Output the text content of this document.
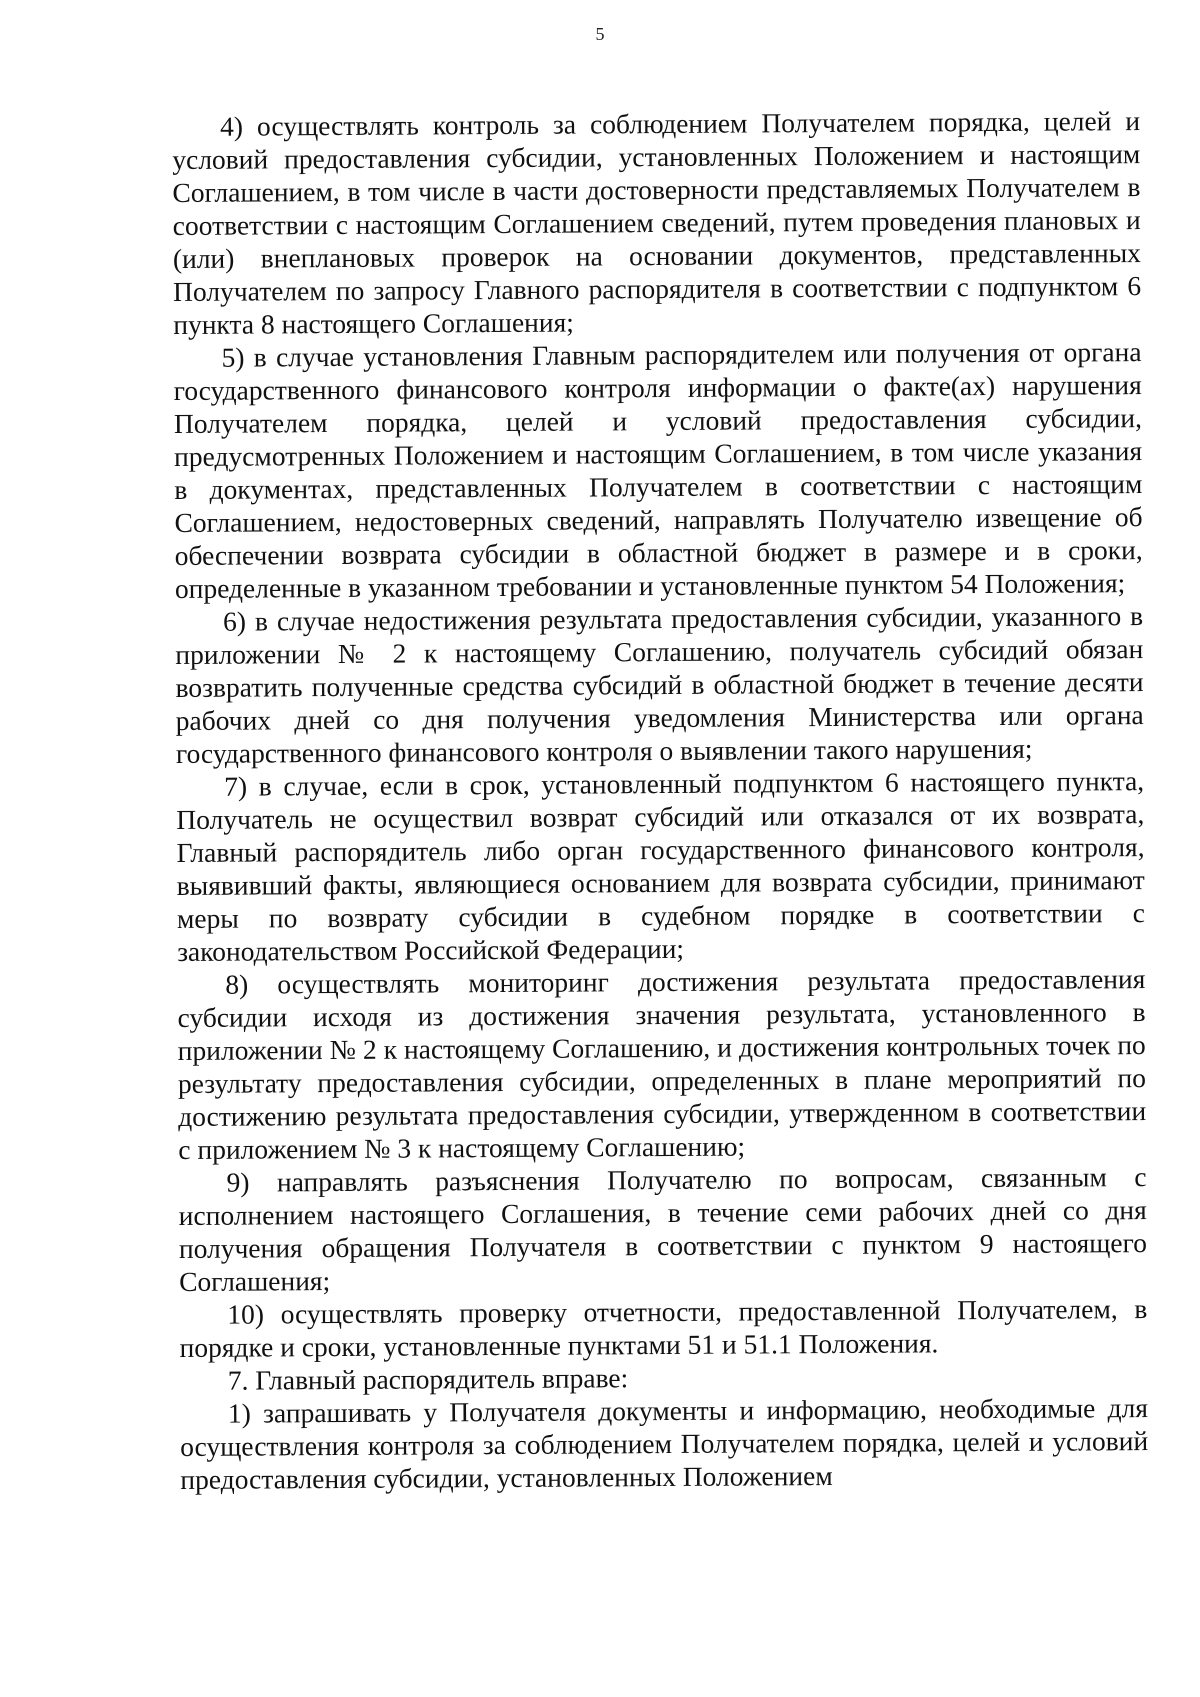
5

4) осуществлять контроль за соблюдением Получателем порядка, целей и условий предоставления субсидии, установленных Положением и настоящим Соглашением, в том числе в части достоверности представляемых Получателем в соответствии с настоящим Соглашением сведений, путем проведения плановых и (или) внеплановых проверок на основании документов, представленных Получателем по запросу Главного распорядителя в соответствии с подпунктом 6 пункта 8 настоящего Соглашения;

5) в случае установления Главным распорядителем или получения от органа государственного финансового контроля информации о факте(ах) нарушения Получателем порядка, целей и условий предоставления субсидии, предусмотренных Положением и настоящим Соглашением, в том числе указания в документах, представленных Получателем в соответствии с настоящим Соглашением, недостоверных сведений, направлять Получателю извещение об обеспечении возврата субсидии в областной бюджет в размере и в сроки, определенные в указанном требовании и установленные пунктом 54 Положения;

6) в случае недостижения результата предоставления субсидии, указанного в приложении № 2 к настоящему Соглашению, получатель субсидий обязан возвратить полученные средства субсидий в областной бюджет в течение десяти рабочих дней со дня получения уведомления Министерства или органа государственного финансового контроля о выявлении такого нарушения;

7) в случае, если в срок, установленный подпунктом 6 настоящего пункта, Получатель не осуществил возврат субсидий или отказался от их возврата, Главный распорядитель либо орган государственного финансового контроля, выявивший факты, являющиеся основанием для возврата субсидии, принимают меры по возврату субсидии в судебном порядке в соответствии с законодательством Российской Федерации;

8) осуществлять мониторинг достижения результата предоставления субсидии исходя из достижения значения результата, установленного в приложении № 2 к настоящему Соглашению, и достижения контрольных точек по результату предоставления субсидии, определенных в плане мероприятий по достижению результата предоставления субсидии, утвержденном в соответствии с приложением № 3 к настоящему Соглашению;

9) направлять разъяснения Получателю по вопросам, связанным с исполнением настоящего Соглашения, в течение семи рабочих дней со дня получения обращения Получателя в соответствии с пунктом 9 настоящего Соглашения;

10) осуществлять проверку отчетности, предоставленной Получателем, в порядке и сроки, установленные пунктами 51 и 51.1 Положения.

7. Главный распорядитель вправе:

1) запрашивать у Получателя документы и информацию, необходимые для осуществления контроля за соблюдением Получателем порядка, целей и условий предоставления субсидии, установленных Положением
